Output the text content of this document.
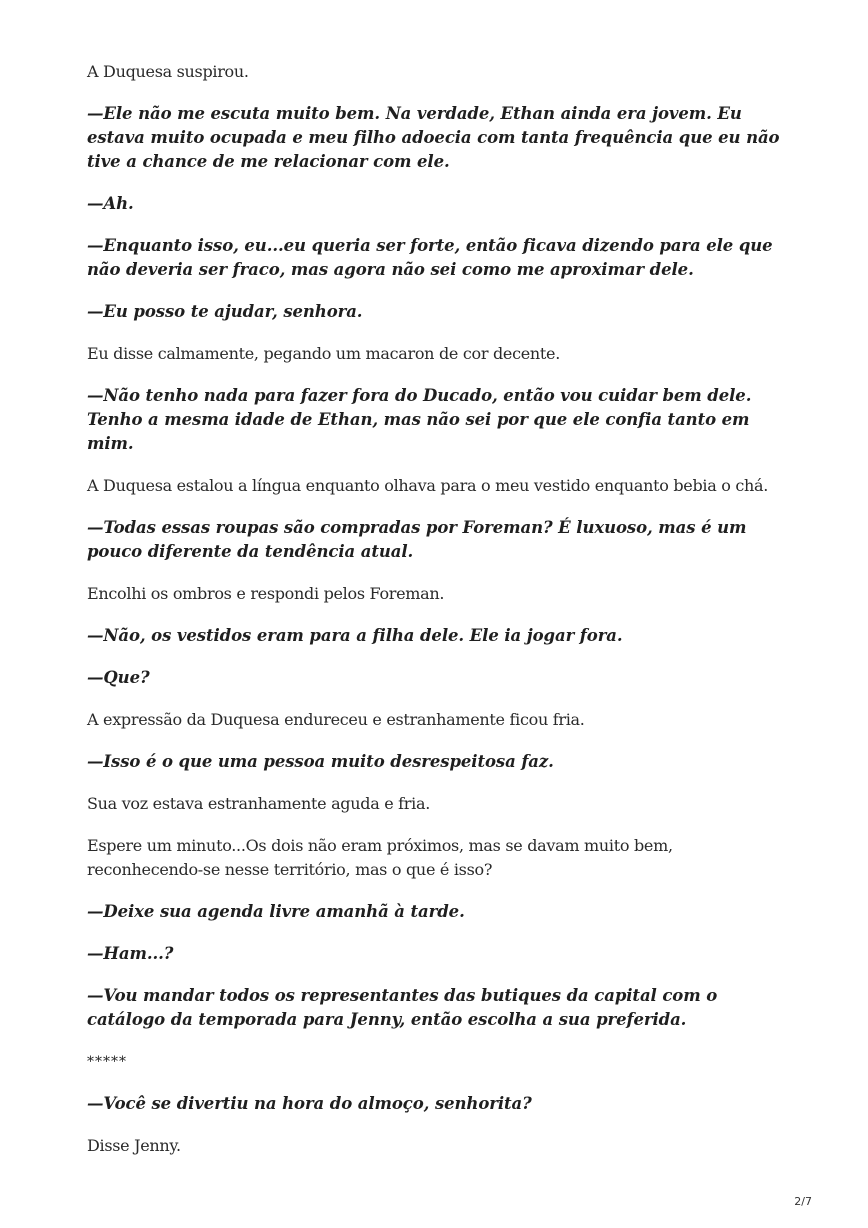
A Duquesa suspirou.

—Ele não me escuta muito bem. Na verdade, Ethan ainda era jovem. Eu estava muito ocupada e meu filho adoecia com tanta frequência que eu não tive a chance de me relacionar com ele.

—Ah.

—Enquanto isso, eu...eu queria ser forte, então ficava dizendo para ele que não deveria ser fraco, mas agora não sei como me aproximar dele.

—Eu posso te ajudar, senhora.

Eu disse calmamente, pegando um macaron de cor decente.

—Não tenho nada para fazer fora do Ducado, então vou cuidar bem dele. Tenho a mesma idade de Ethan, mas não sei por que ele confia tanto em mim.

A Duquesa estalou a língua enquanto olhava para o meu vestido enquanto bebia o chá.

—Todas essas roupas são compradas por Foreman? É luxuoso, mas é um pouco diferente da tendência atual.

Encolhi os ombros e respondi pelos Foreman.

—Não, os vestidos eram para a filha dele. Ele ia jogar fora.

—Que?

A expressão da Duquesa endureceu e estranhamente ficou fria.

—Isso é o que uma pessoa muito desrespeitosa faz.

Sua voz estava estranhamente aguda e fria.

Espere um minuto...Os dois não eram próximos, mas se davam muito bem, reconhecendo-se nesse território, mas o que é isso?

—Deixe sua agenda livre amanhã à tarde.

—Ham...?

—Vou mandar todos os representantes das butiques da capital com o catálogo da temporada para Jenny, então escolha a sua preferida.

*****

—Você se divertiu na hora do almoço, senhorita?

Disse Jenny.

2/7
